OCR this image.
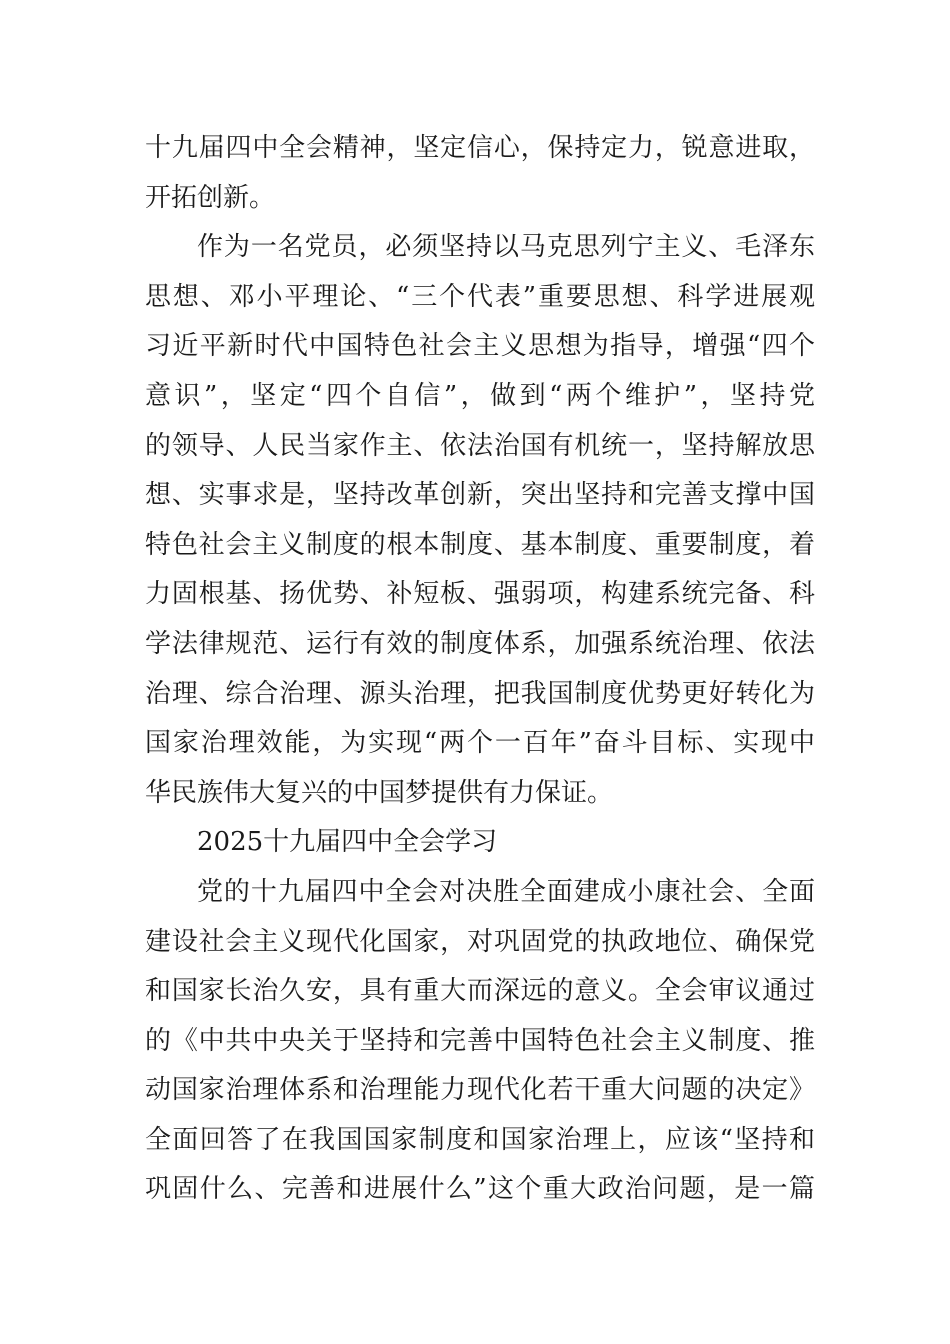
十九届四中全会精神，坚定信心，保持定力，锐意进取，
开拓创新。
作为一名党员，必须坚持以马克思列宁主义、毛泽东
思想、邓小平理论、“三个代表”重要思想、科学进展观
习近平新时代中国特色社会主义思想为指导，增强“四个
意识”，坚定“四个自信”，做到“两个维护”，坚持党
的领导、人民当家作主、依法治国有机统一，坚持解放思
想、实事求是，坚持改革创新，突出坚持和完善支撑中国
特色社会主义制度的根本制度、基本制度、重要制度，着
力固根基、扬优势、补短板、强弱项，构建系统完备、科
学法律规范、运行有效的制度体系，加强系统治理、依法
治理、综合治理、源头治理，把我国制度优势更好转化为
国家治理效能，为实现“两个一百年”奋斗目标、实现中
华民族伟大复兴的中国梦提供有力保证。
2025十九届四中全会学习
党的十九届四中全会对决胜全面建成小康社会、全面
建设社会主义现代化国家，对巩固党的执政地位、确保党
和国家长治久安，具有重大而深远的意义。全会审议通过
的《中共中央关于坚持和完善中国特色社会主义制度、推
动国家治理体系和治理能力现代化若干重大问题的决定》
全面回答了在我国国家制度和国家治理上，应该“坚持和
巩固什么、完善和进展什么”这个重大政治问题，是一篇
